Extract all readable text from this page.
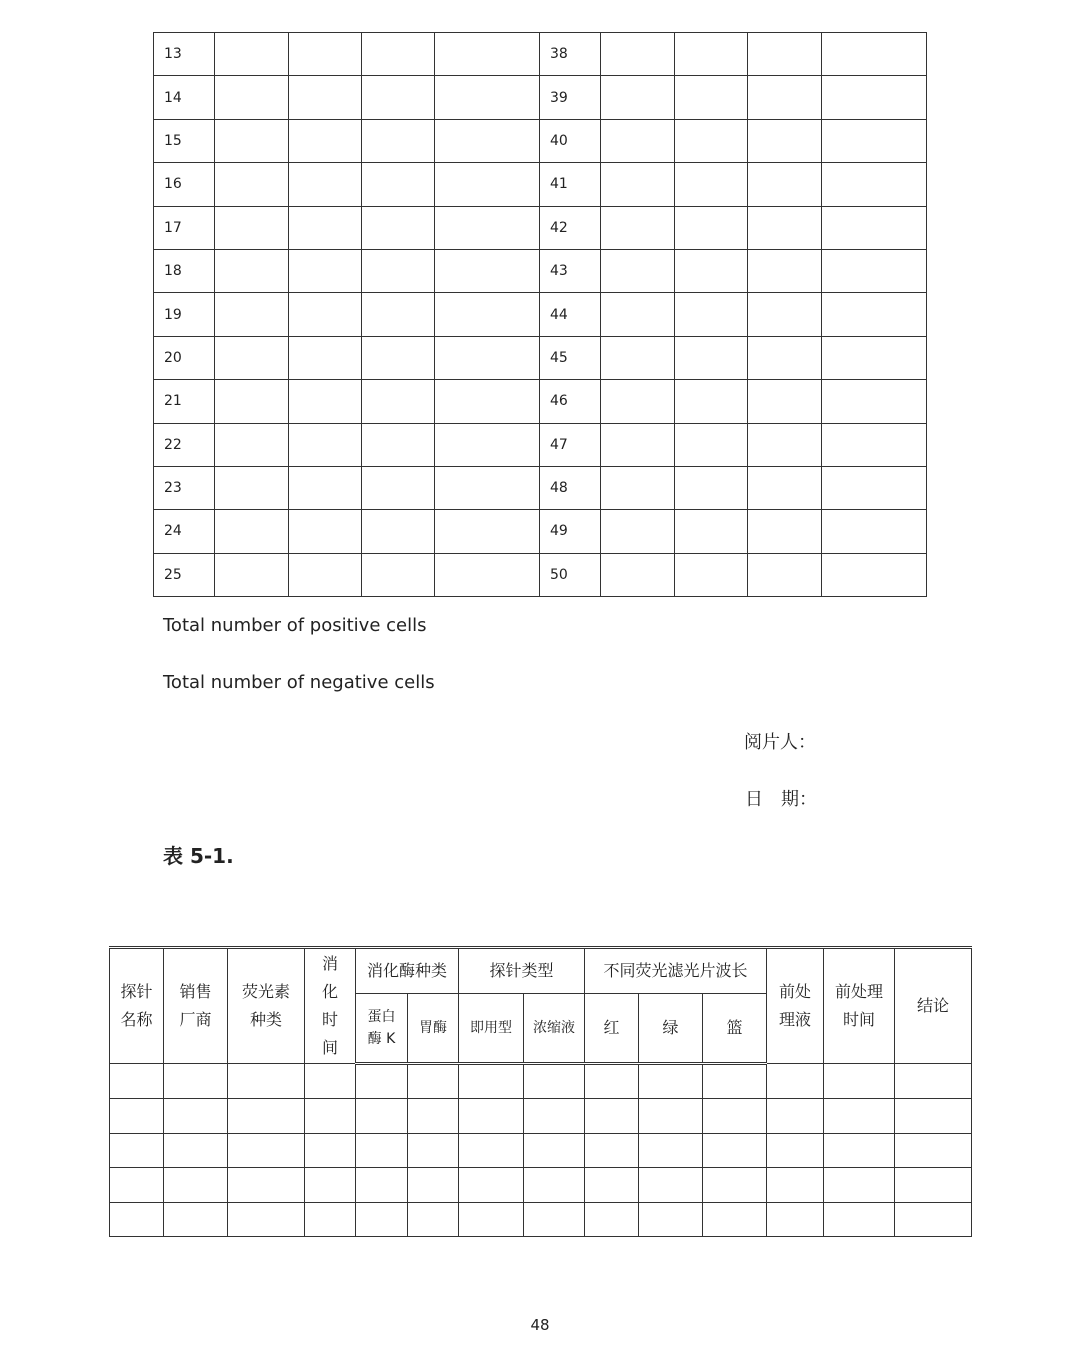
13					38				
14					39				
15					40				
16					41				
17					42				
18					43				
19					44				
20					45				
21					46				
22					47				
23					48				
24					49				
25					50				
Total number of positive cells
Total number of negative cells
阅片人：
日　期：
表 5-1.
探针名称	销售厂商	荧光素种类	消化时间	消化酶种类		探针类型		不同荧光滤光片波长			前处理液	前处理时间	结论
				蛋白酶 K	胃酶	即用型	浓缩液	红	绿	篮			

48
